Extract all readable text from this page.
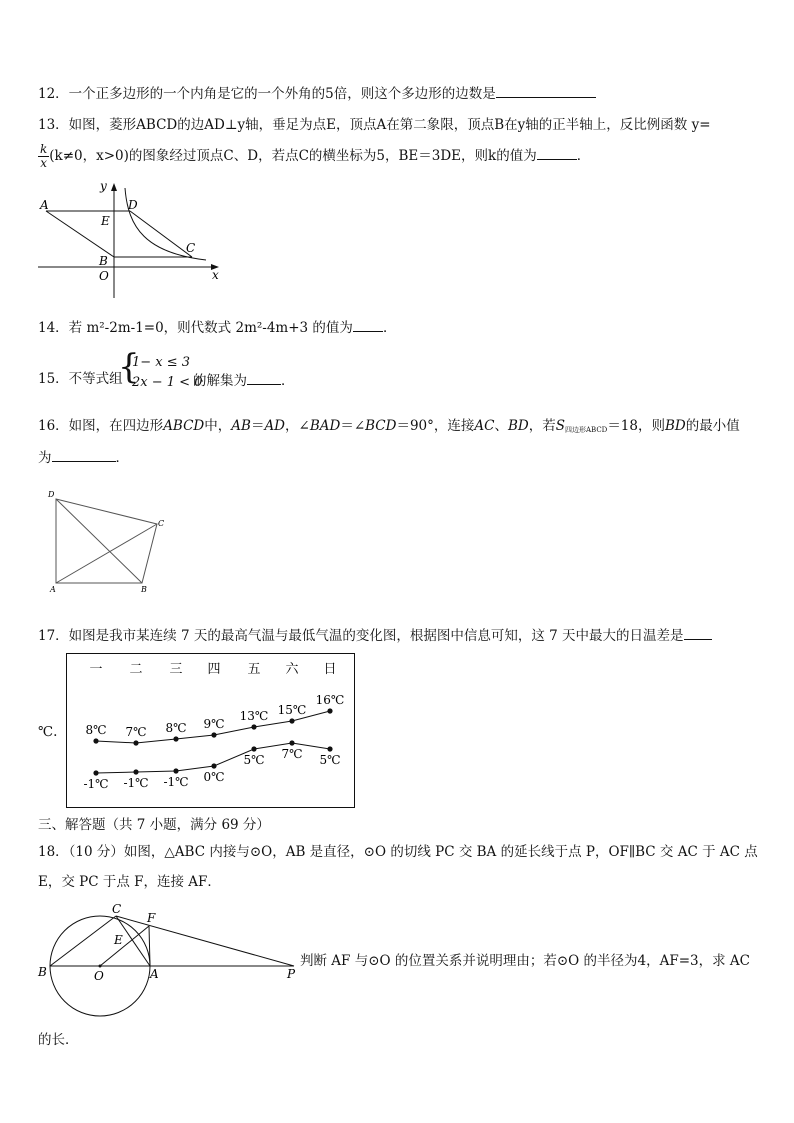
12．一个正多边形的一个内角是它的一个外角的5倍，则这个多边形的边数是
13．如图，菱形ABCD的边AD⊥y轴，垂足为点E，顶点A在第二象限，顶点B在y轴的正半轴上，反比例函数 y=
$\frac{k}{x} (k\ne 0$，x>0)的图象经过顶点C、D，若点C的横坐标为5，BE＝3DE，则k的值为	．
A
E
D
C
B
O	x
y
14．若 m²-2m-1=0，则代数式 2m²-4m+3 的值为 ．
15．不等式组
{
1− x ≤ 3
2x − 1 < 0
的解集为	．
16．如图，在四边形ABCD中，AB＝AD，∠BAD＝∠BCD＝90°，连接AC、BD，若$S_{四边形ABCD}=18$，则BD的最小值
为	．
D
C
A	B
17．如图是我市某连续 7 天的最高气温与最低气温的变化图，根据图中信息可知，这 7 天中最大的日温差是
℃.
一 二 三 四 五 六 日
8℃
-1℃
7℃
-1℃
8℃
-1℃
9℃
0℃
13℃
5℃
15℃
7℃
16℃
5℃
三、解答题（共 7 小题，满分 69 分）
18．（10 分）如图，△ABC 内接与⊙O，AB 是直径，⊙O 的切线 PC 交 BA 的延长线于点 P，OF∥BC 交 AC 于 AC 点
E，交 PC 于点 F，连接 AF．
C
F
E
B	O	A	P
判断 AF 与⊙O 的位置关系并说明理由；若⊙O 的半径为4，AF=3，求 AC
的长．
